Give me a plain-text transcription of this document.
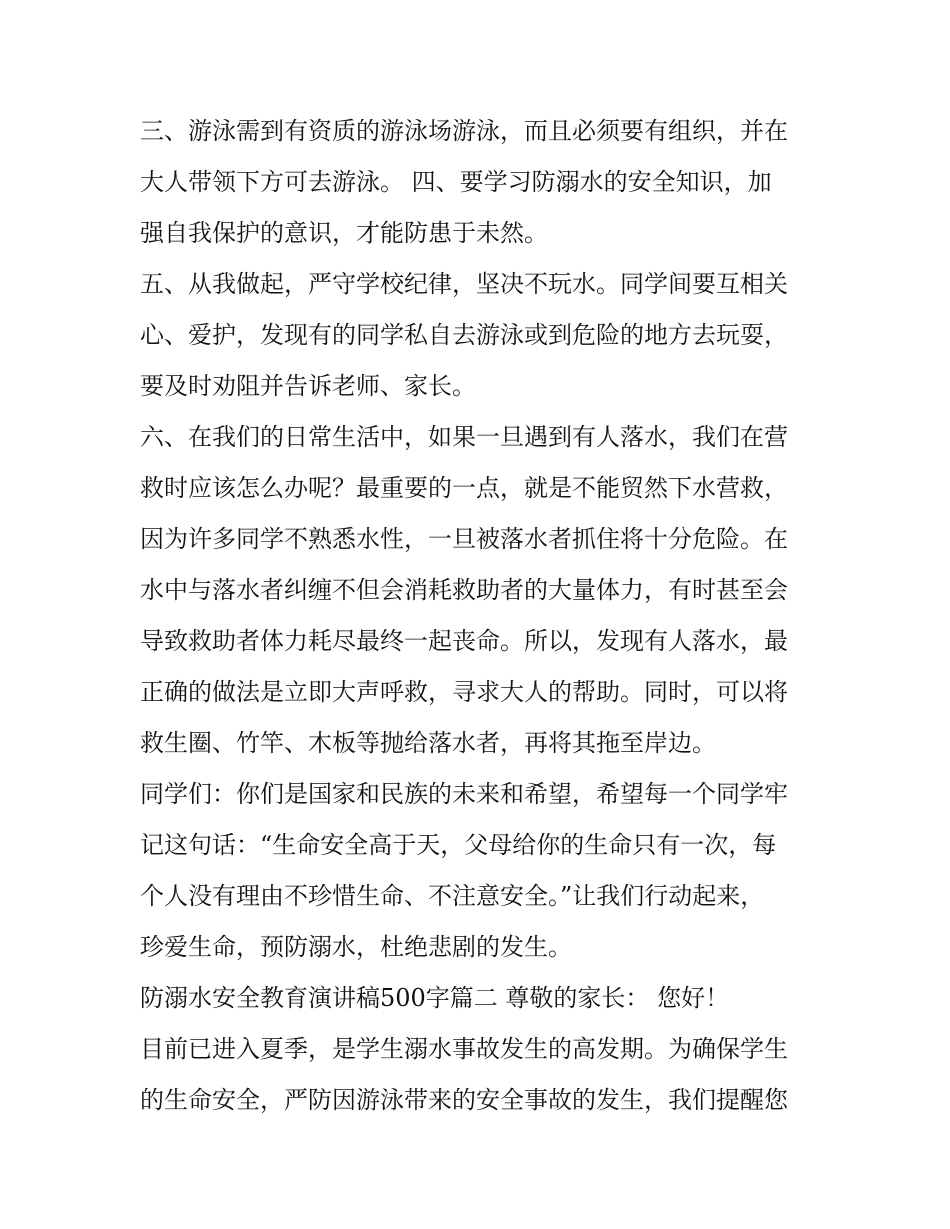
三、游泳需到有资质的游泳场游泳，而且必须要有组织，并在
大人带领下方可去游泳。 四、要学习防溺水的安全知识，加
强自我保护的意识，才能防患于未然。

五、从我做起，严守学校纪律，坚决不玩水。同学间要互相关
心、爱护，发现有的同学私自去游泳或到危险的地方去玩耍，
要及时劝阻并告诉老师、家长。

六、在我们的日常生活中，如果一旦遇到有人落水，我们在营
救时应该怎么办呢？最重要的一点，就是不能贸然下水营救，
因为许多同学不熟悉水性，一旦被落水者抓住将十分危险。在
水中与落水者纠缠不但会消耗救助者的大量体力，有时甚至会
导致救助者体力耗尽最终一起丧命。所以，发现有人落水，最
正确的做法是立即大声呼救，寻求大人的帮助。同时，可以将
救生圈、竹竿、木板等抛给落水者，再将其拖至岸边。

同学们：你们是国家和民族的未来和希望，希望每一个同学牢
记这句话：“生命安全高于天，父母给你的生命只有一次，每
个人没有理由不珍惜生命、不注意安全。”让我们行动起来，
珍爱生命，预防溺水，杜绝悲剧的发生。

防溺水安全教育演讲稿500字篇二 尊敬的家长： 您好！

目前已进入夏季，是学生溺水事故发生的高发期。为确保学生
的生命安全，严防因游泳带来的安全事故的发生，我们提醒您
